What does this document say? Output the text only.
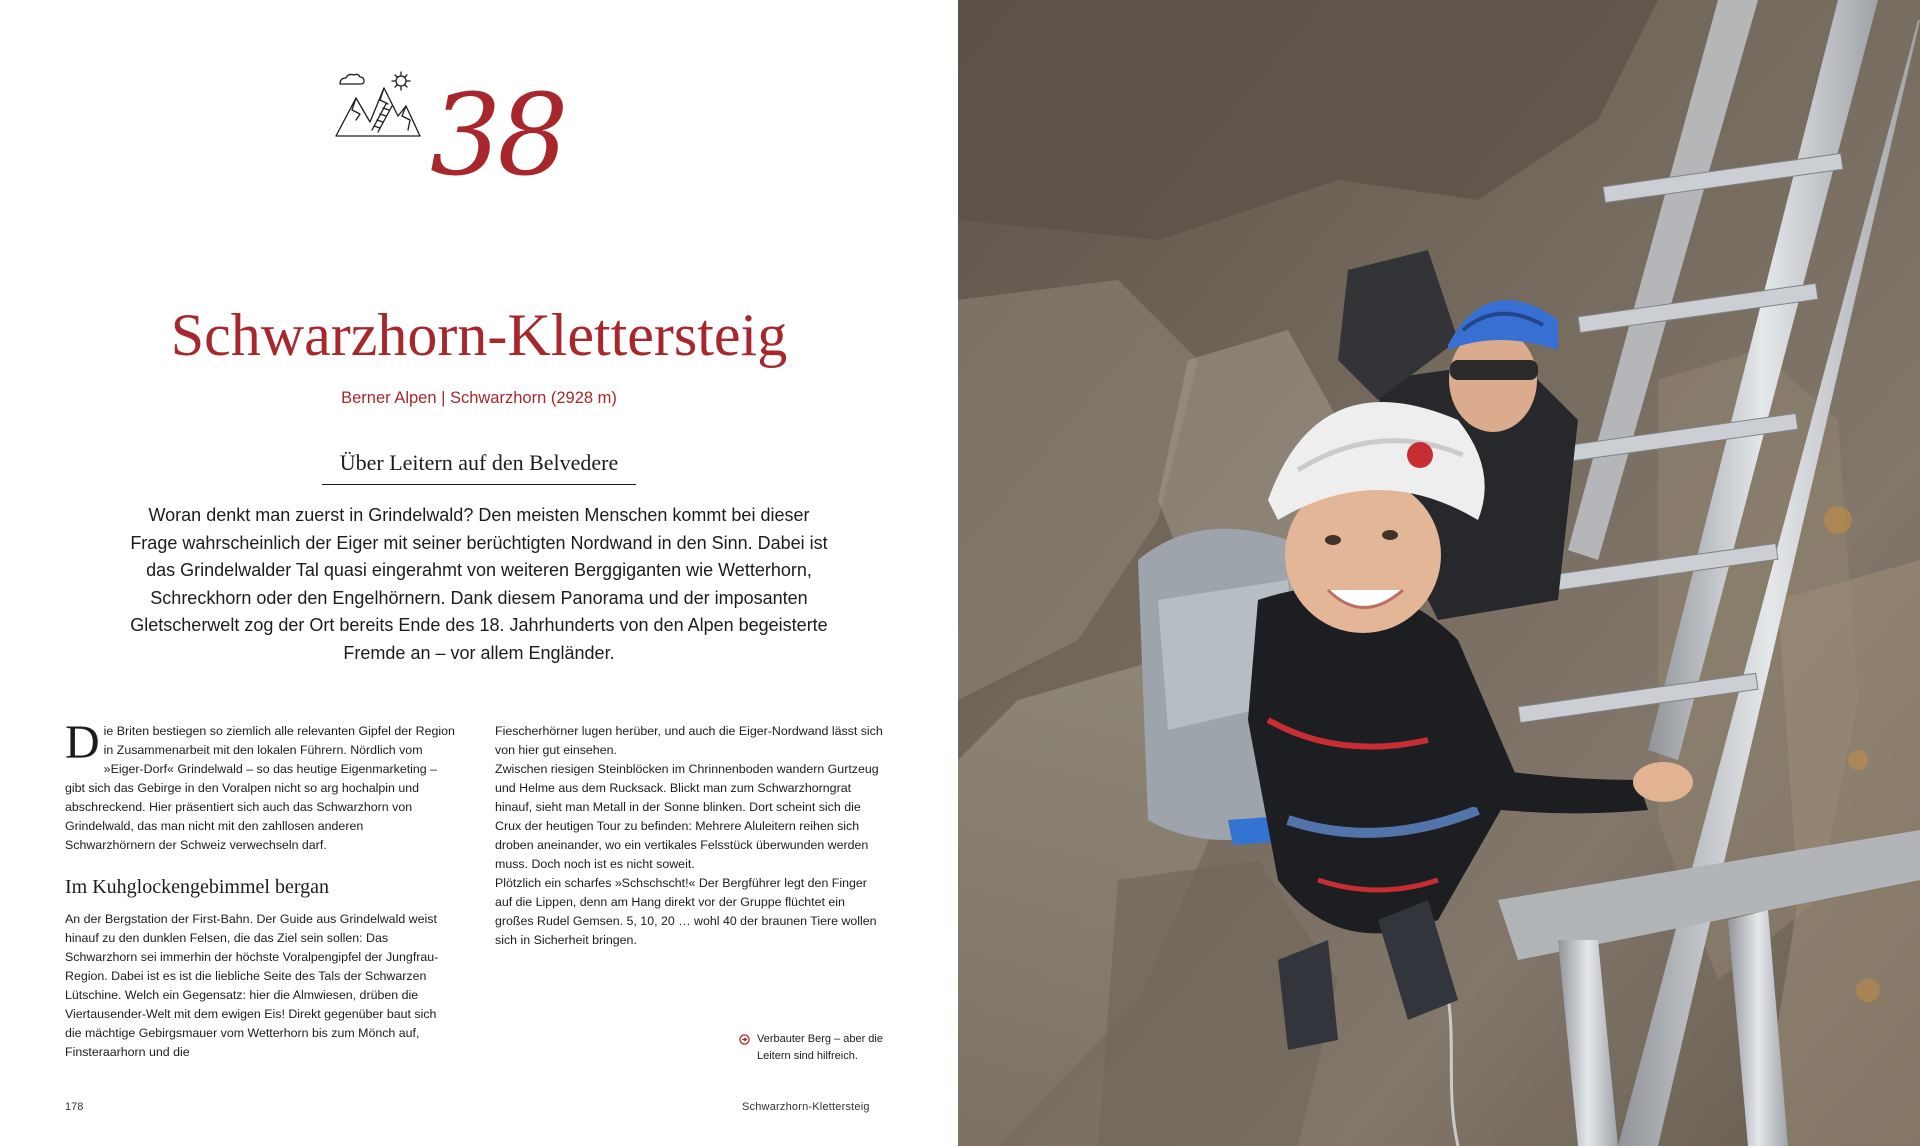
38
Schwarzhorn-Klettersteig
Berner Alpen | Schwarzhorn (2928 m)
Über Leitern auf den Belvedere

Woran denkt man zuerst in Grindelwald? Den meisten Menschen kommt bei dieser Frage wahrscheinlich der Eiger mit seiner berüchtigten Nordwand in den Sinn. Dabei ist das Grindelwalder Tal quasi eingerahmt von weiteren Berggiganten wie Wetterhorn, Schreckhorn oder den Engelhörnern. Dank diesem Panorama und der imposanten Gletscherwelt zog der Ort bereits Ende des 18. Jahrhunderts von den Alpen begeisterte Fremde an – vor allem Engländer.

Die Briten bestiegen so ziemlich alle relevanten Gipfel der Region in Zusammenarbeit mit den lokalen Führern. Nördlich vom »Eiger-Dorf« Grindelwald – so das heutige Eigenmarketing – gibt sich das Gebirge in den Voralpen nicht so arg hochalpin und abschreckend. Hier präsentiert sich auch das Schwarzhorn von Grindelwald, das man nicht mit den zahllosen anderen Schwarzhörnern der Schweiz verwechseln darf.

Im Kuhglockengebimmel bergan

An der Bergstation der First-Bahn. Der Guide aus Grindelwald weist hinauf zu den dunklen Felsen, die das Ziel sein sollen: Das Schwarzhorn sei immerhin der höchste Voralpengipfel der Jungfrau-Region. Dabei ist es ist die liebliche Seite des Tals der Schwarzen Lütschine. Welch ein Gegensatz: hier die Almwiesen, drüben die Viertausender-Welt mit dem ewigen Eis! Direkt gegenüber baut sich die mächtige Gebirgsmauer vom Wetterhorn bis zum Mönch auf, Finsteraarhorn und die

Fiescherhörner lugen herüber, und auch die Eiger-Nordwand lässt sich von hier gut einsehen.

Zwischen riesigen Steinblöcken im Chrinnenboden wandern Gurtzeug und Helme aus dem Rucksack. Blickt man zum Schwarzhorngrat hinauf, sieht man Metall in der Sonne blinken. Dort scheint sich die Crux der heutigen Tour zu befinden: Mehrere Aluleitern reihen sich droben aneinander, wo ein vertikales Felsstück überwunden werden muss. Doch noch ist es nicht soweit.

Plötzlich ein scharfes »Schschscht!« Der Bergführer legt den Finger auf die Lippen, denn am Hang direkt vor der Gruppe flüchtet ein großes Rudel Gemsen. 5, 10, 20 … wohl 40 der braunen Tiere wollen sich in Sicherheit bringen.

Verbauter Berg – aber die Leitern sind hilfreich.
178	Schwarzhorn-Klettersteig
